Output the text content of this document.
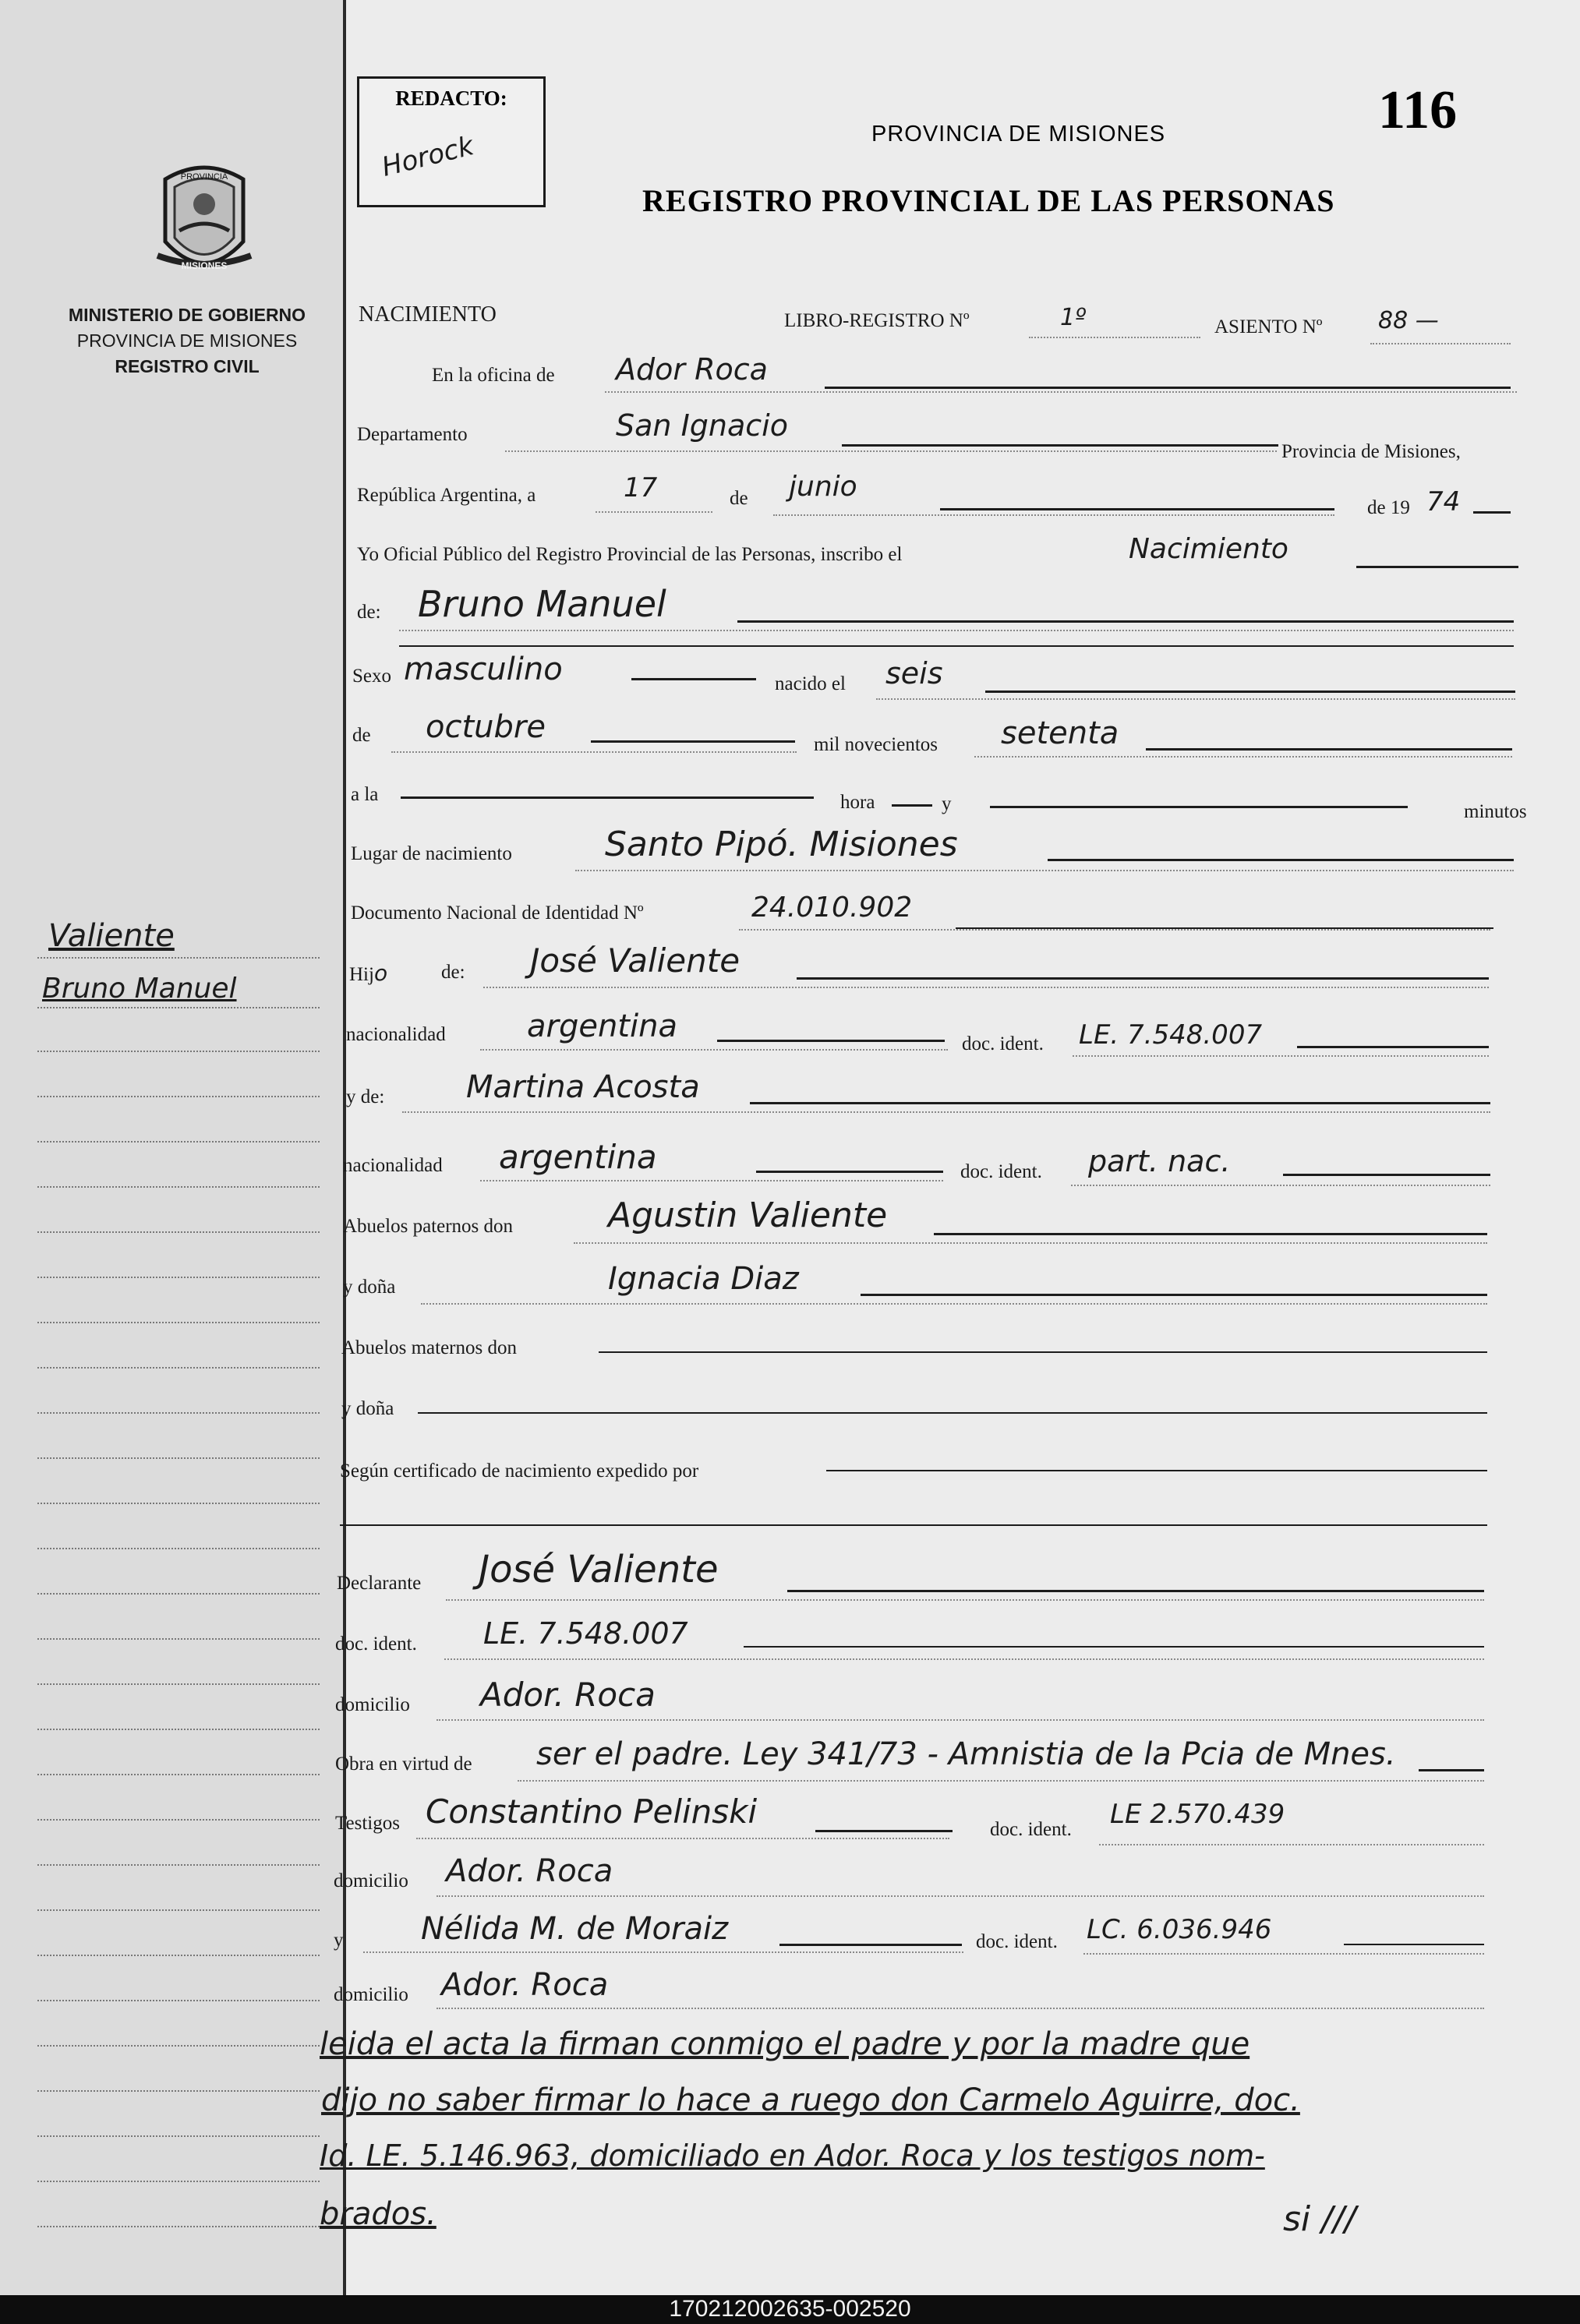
PROVINCIA
MISIONES
MINISTERIO DE GOBIERNO
PROVINCIA DE MISIONES
REGISTRO CIVIL
Valiente
Bruno Manuel
REDACTO:
Horock	PROVINCIA DE MISIONES
REGISTRO PROVINCIAL DE LAS PERSONAS
116
NACIMIENTO	LIBRO-REGISTRO Nº	1º	ASIENTO Nº 88 —
En la oficina de Ador Roca
Departamento	San Ignacio
Provincia de Misiones,
República Argentina, a	17	de junio
de 19 74
Yo Oficial Público del Registro Provincial de las Personas, inscribo el	Nacimiento
de: Bruno Manuel
Sexo masculino	nacido el seis
de octubre	mil novecientos setenta
a la	hora	y	minutos
Lugar de nacimiento	Santo Pipó. Misiones
Documento Nacional de Identidad Nº	24.010.902
Hijo	de: José Valiente
nacionalidad	argentina	doc. ident. LE. 7.548.007
y de:	Martina Acosta
nacionalidad argentina	doc. ident. part. nac.
Abuelos paternos don	Agustin Valiente
y doña	Ignacia Diaz
Abuelos maternos don
y doña
Según certificado de nacimiento expedido por
Declarante José Valiente
doc. ident. LE. 7.548.007
domicilio Ador. Roca
Obra en virtud de ser el padre. Ley 341/73 - Amnistia de la Pcia de Mnes.
Testigos Constantino Pelinski	doc. ident. LE 2.570.439
domicilio Ador. Roca
y Nélida M. de Moraiz	doc. ident. LC. 6.036.946
domicilio Ador. Roca
leida el acta la firman conmigo el padre y por la madre que
dijo no saber firmar lo hace a ruego don Carmelo Aguirre, doc.
Id. LE. 5.146.963, domiciliado en Ador. Roca y los testigos nom-
brados.	si ///
170212002635-002520
